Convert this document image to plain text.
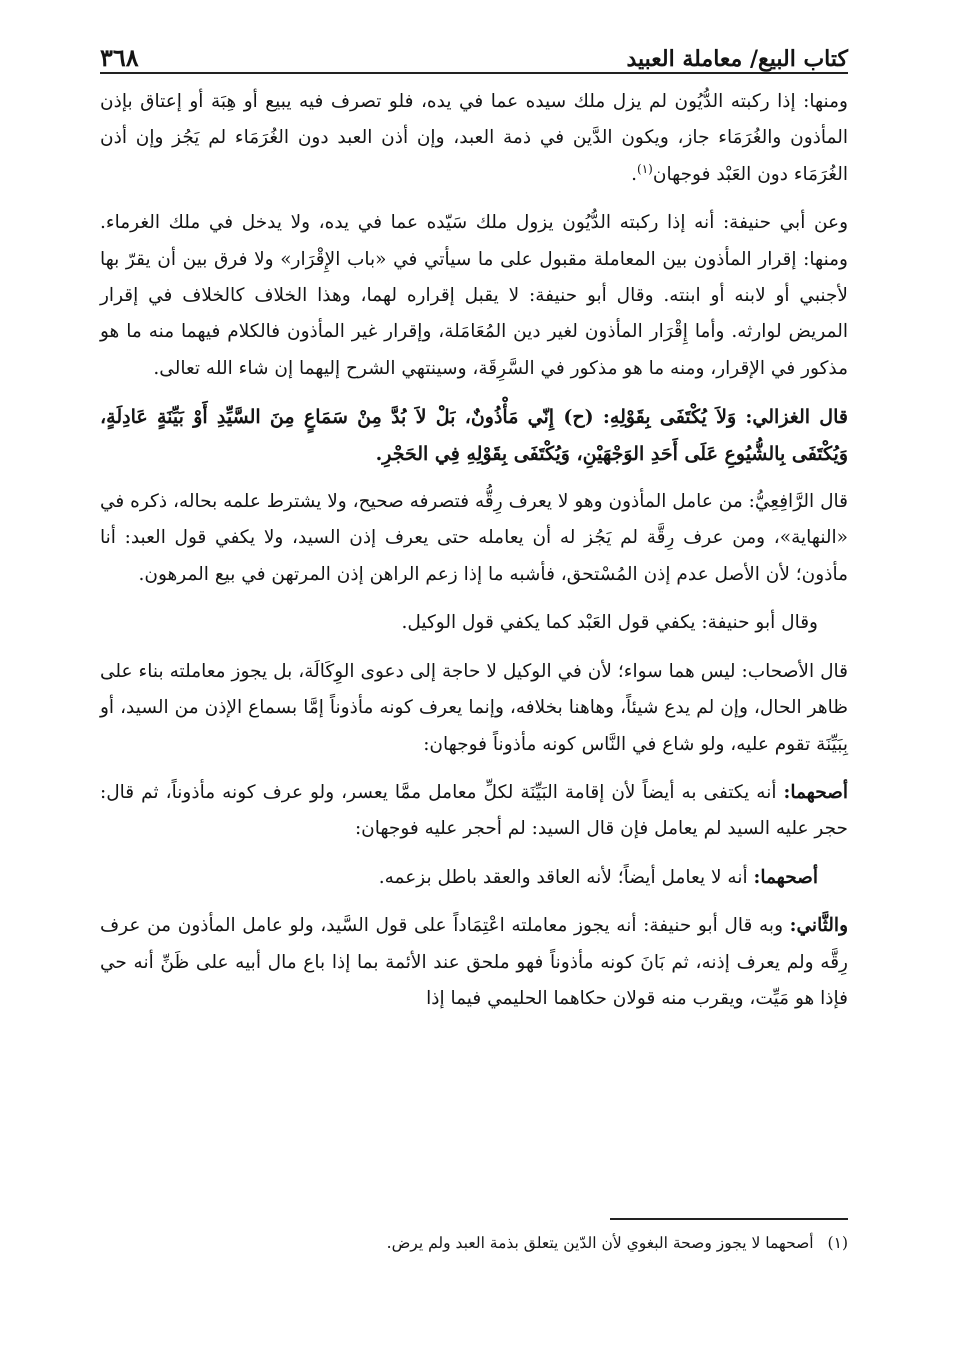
كتاب البيع/ معاملة العبيد
٣٦٨

ومنها: إذا ركبته الدُّيُون لم يزل ملك سيده عما في يده، فلو تصرف فيه يبيع أو هِبَة أو إعتاق بإذن المأذون والغُرَمَاء جاز، ويكون الدَّين في ذمة العبد، وإن أذن العبد دون الغُرَمَاء لم يَجُز وإن أذن الغُرَمَاء دون العَبْد فوجهان$^{(١)}$.

وعن أبي حنيفة: أنه إذا ركبته الدُّيُون يزول ملك سَيّده عما في يده، ولا يدخل في ملك الغرماء. ومنها: إقرار المأذون بين المعاملة مقبول على ما سيأتي في «باب الإِقْرَار» ولا فرق بين أن يقرّ بها لأجنبي أو لابنه أو ابنته. وقال أبو حنيفة: لا يقبل إقراره لهما، وهذا الخلاف كالخلاف في إقرار المريض لوارثه. وأما إِقْرَار المأذون لغير دين المُعَامَلة، وإقرار غير المأذون فالكلام فيهما منه ما هو مذكور في الإقرار، ومنه ما هو مذكور في السَّرِقَة، وسينتهي الشرح إليهما إن شاء الله تعالى.

قال الغزالي: وَلاَ يُكْتَفَى بِقَوْلِهِ: (ح) إِنّي مَأْذُونٌ، بَلْ لاَ بُدَّ مِنْ سَمَاعٍ مِنَ السَّيِّدِ أَوْ بَيِّنَةٍ عَادِلَةٍ، وَيُكْتَفَى بِالشُّيُوعِ عَلَى أَحَدِ الوَجْهَيْنِ، وَيُكْتَفَى بِقَوْلِهِ فِي الحَجْرِ.

قال الرَّافِعِيُّ: من عامل المأذون وهو لا يعرف رِقُّه فتصرفه صحيح، ولا يشترط علمه بحاله، ذكره في «النهاية»، ومن عرف رِقَّة لم يَجُز له أن يعامله حتى يعرف إذن السيد، ولا يكفي قول العبد: أنا مأذون؛ لأن الأصل عدم إذن المُسْتحق، فأشبه ما إذا زعم الراهن إذن المرتهن في بيع المرهون.

وقال أبو حنيفة: يكفي قول العَبْد كما يكفي قول الوكيل.

قال الأصحاب: ليس هما سواء؛ لأن في الوكيل لا حاجة إلى دعوى الوِكَالَة، بل يجوز معاملته بناء على ظاهر الحال، وإن لم يدع شيئاً، وهاهنا بخلافه، وإنما يعرف كونه مأذوناً إمَّا بسماع الإذن من السيد، أو بِبَيِّنَة تقوم عليه، ولو شاع في النَّاس كونه مأذوناً فوجهان:

أصحهما: أنه يكتفى به أيضاً لأن إقامة البَيِّنَة لكلِّ معامل ممَّا يعسر، ولو عرف كونه مأذوناً، ثم قال: حجر عليه السيد لم يعامل فإن قال السيد: لم أحجر عليه فوجهان:

أصحهما: أنه لا يعامل أيضاً؛ لأنه العاقد والعقد باطل بزعمه.

والثَّاني: وبه قال أبو حنيفة: أنه يجوز معاملته اعْتِمَاداً على قول السَّيد، ولو عامل المأذون من عرف رِقَّه ولم يعرف إذنه، ثم بَانَ كونه مأذوناً فهو ملحق عند الأئمة بما إذا باع مال أبيه على ظَنِّ أنه حي فإذا هو مَيِّت، ويقرب منه قولان حكاهما الحليمي فيما إذا

(١)أصحهما لا يجوز وصحة البغوي لأن الدّين يتعلق بذمة العبد ولم يرض.
